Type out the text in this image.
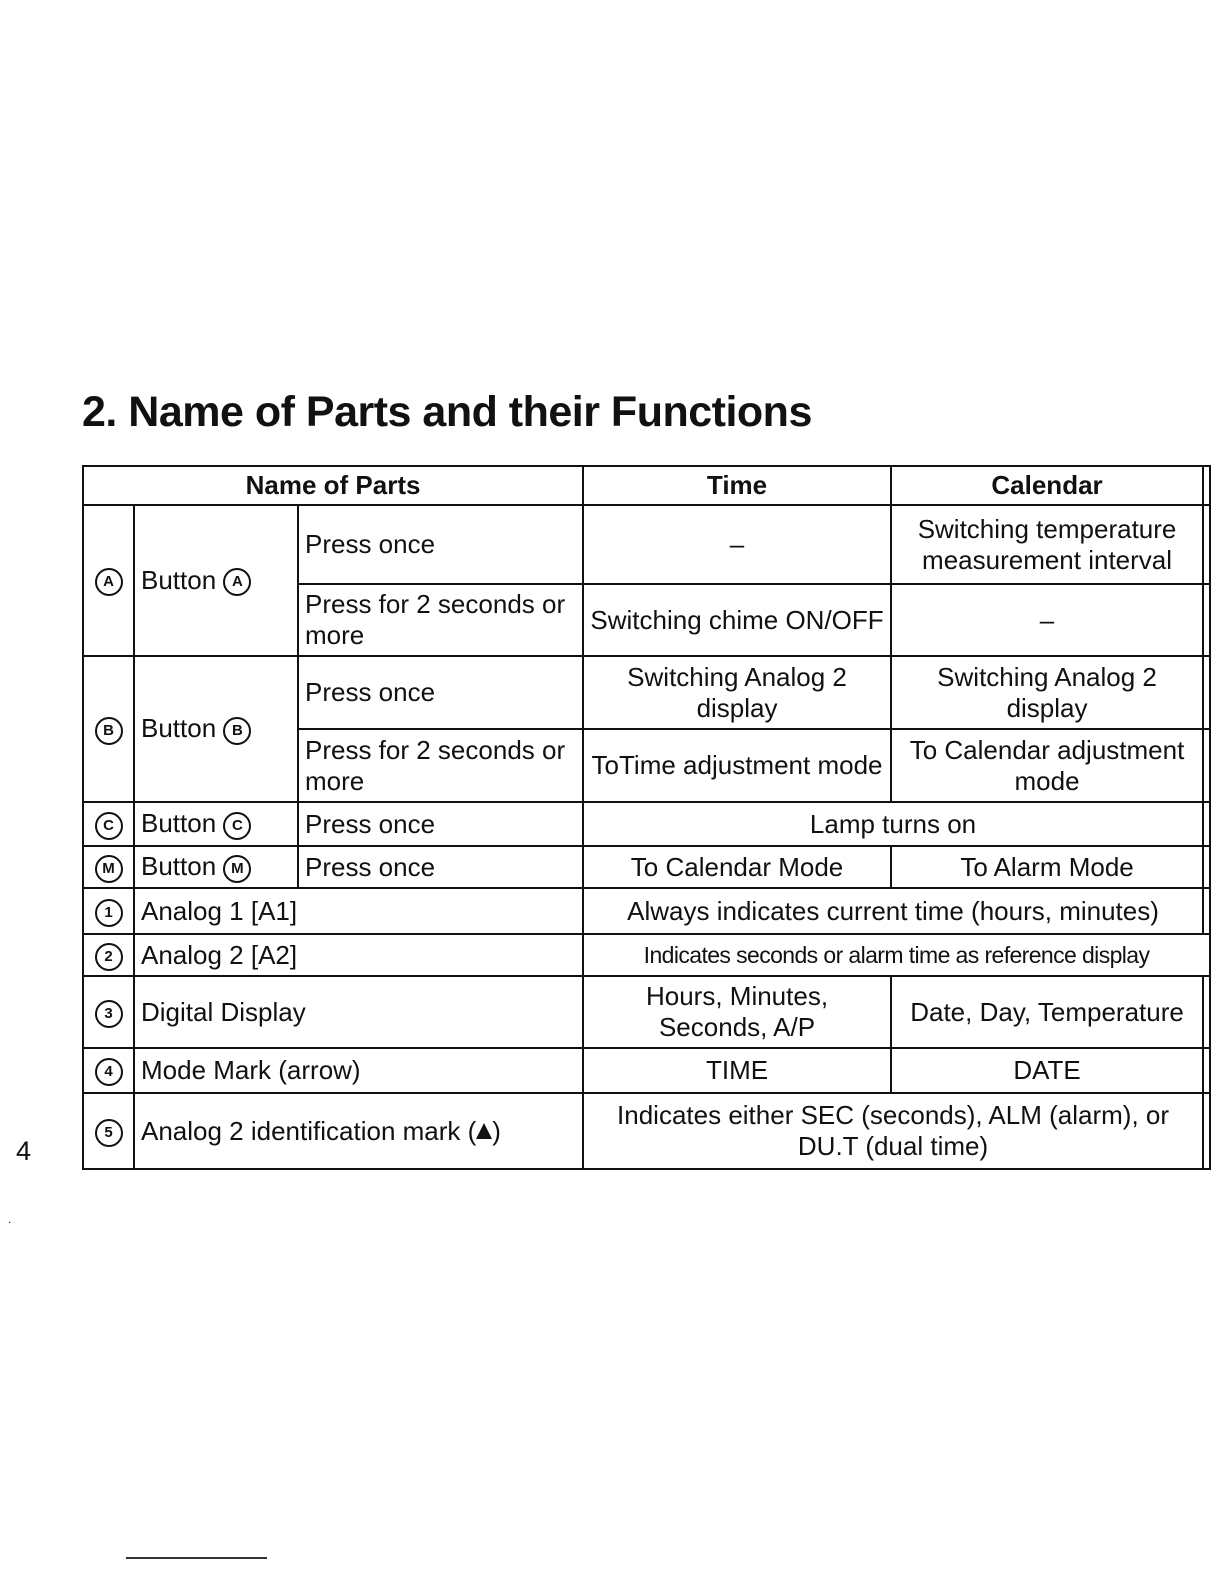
2. Name of Parts and their Functions
Name of Parts			Time	Calendar	
A	Button A	Press once	–	Switching temperature measurement interval	
		Press for 2 seconds or more	Switching chime ON/OFF	–	
B	Button B	Press once	Switching Analog 2 display	Switching Analog 2 display	
		Press for 2 seconds or more	ToTime adjustment mode	To Calendar adjustment mode	
C	Button C	Press once	Lamp turns on		
M	Button M	Press once	To Calendar Mode	To Alarm Mode	
1	Analog 1 [A1]		Always indicates current time (hours, minutes)		
2	Analog 2 [A2]		Indicates seconds or alarm time as reference display		
3	Digital Display		Hours, Minutes, Seconds, A/P	Date, Day, Temperature	
4	Mode Mark (arrow)		TIME	DATE	
5	Analog 2 identification mark ( )		Indicates either SEC (seconds), ALM (alarm), or DU.T (dual time)		
4
.
